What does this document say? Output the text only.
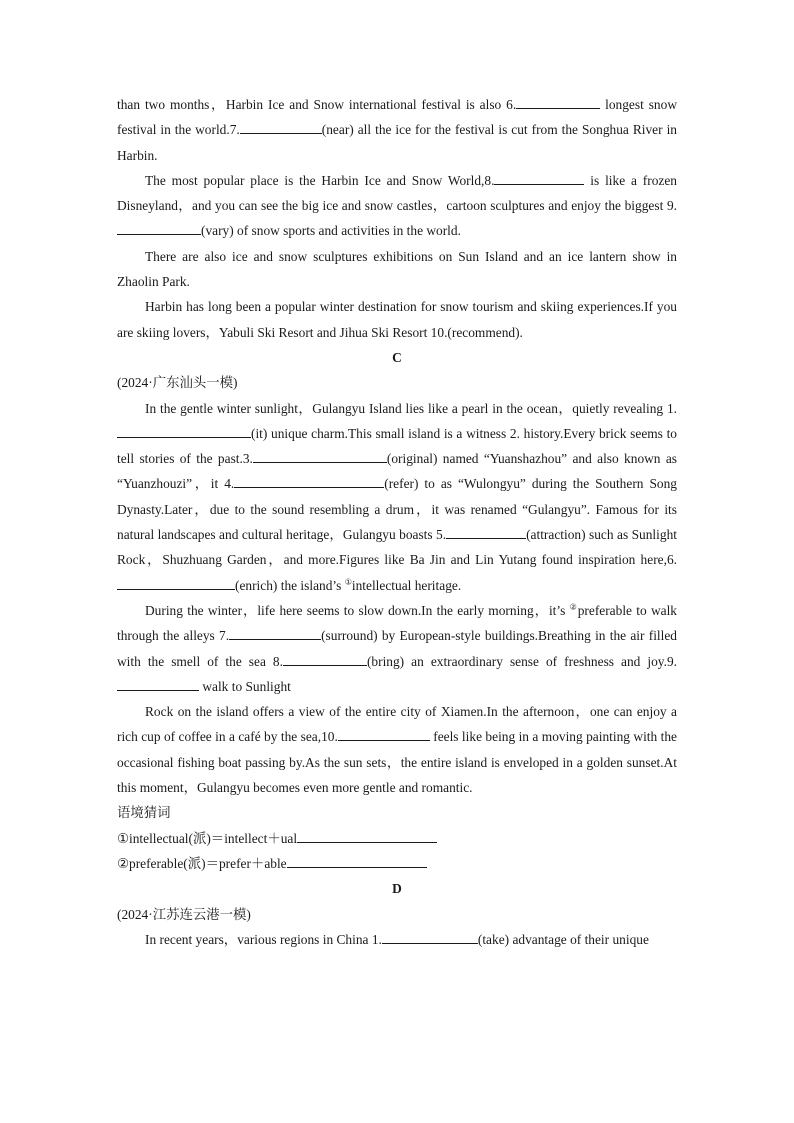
than two months，Harbin Ice and Snow international festival is also 6.	longest snow festival in the world.7.	(near) all the ice for the festival is cut from the Songhua River in Harbin.

The most popular place is the Harbin Ice and Snow World,8.	is like a frozen Disneyland，and you can see the big ice and snow castles，cartoon sculptures and enjoy the biggest 9.(vary) of snow sports and activities in the world.

There are also ice and snow sculptures exhibitions on Sun Island and an ice lantern show in Zhaolin Park.

Harbin has long been a popular winter destination for snow tourism and skiing experiences.If you are skiing lovers，Yabuli Ski Resort and Jihua Ski Resort 10.(recommend).

C

(2024·广东汕头一模)

In the gentle winter sunlight，Gulangyu Island lies like a pearl in the ocean，quietly revealing 1.(it) unique charm.This small island is a witness 2. history.Every brick seems to tell stories of the past.3.	(original) named “Yuanshazhou” and also known as “Yuanzhouzi”，it 4.	(refer) to as “Wulongyu” during the Southern Song Dynasty.Later，due to the sound resembling a drum，it was renamed “Gulangyu”. Famous for its natural landscapes and cultural heritage，Gulangyu boasts 5.	(attraction) such as Sunlight Rock，Shuzhuang Garden，and more.Figures like Ba Jin and Lin Yutang found inspiration here,6.(enrich) the island’s ①intellectual heritage.

During the winter，life here seems to slow down.In the early morning，it’s ②preferable to walk through the alleys 7.	(surround) by European-style buildings.Breathing in the air filled with the smell of the sea 8.	(bring) an extraordinary sense of freshness and joy.9. walk to Sunlight

Rock on the island offers a view of the entire city of Xiamen.In the afternoon，one can enjoy a rich cup of coffee in a café by the sea,10.	feels like being in a moving painting with the occasional fishing boat passing by.As the sun sets，the entire island is enveloped in a golden sunset.At this moment，Gulangyu becomes even more gentle and romantic.

语境猜词

①intellectual(派)＝intellect＋ual

②preferable(派)＝prefer＋able

D

(2024·江苏连云港一模)

In recent years，various regions in China 1.	(take) advantage of their unique
